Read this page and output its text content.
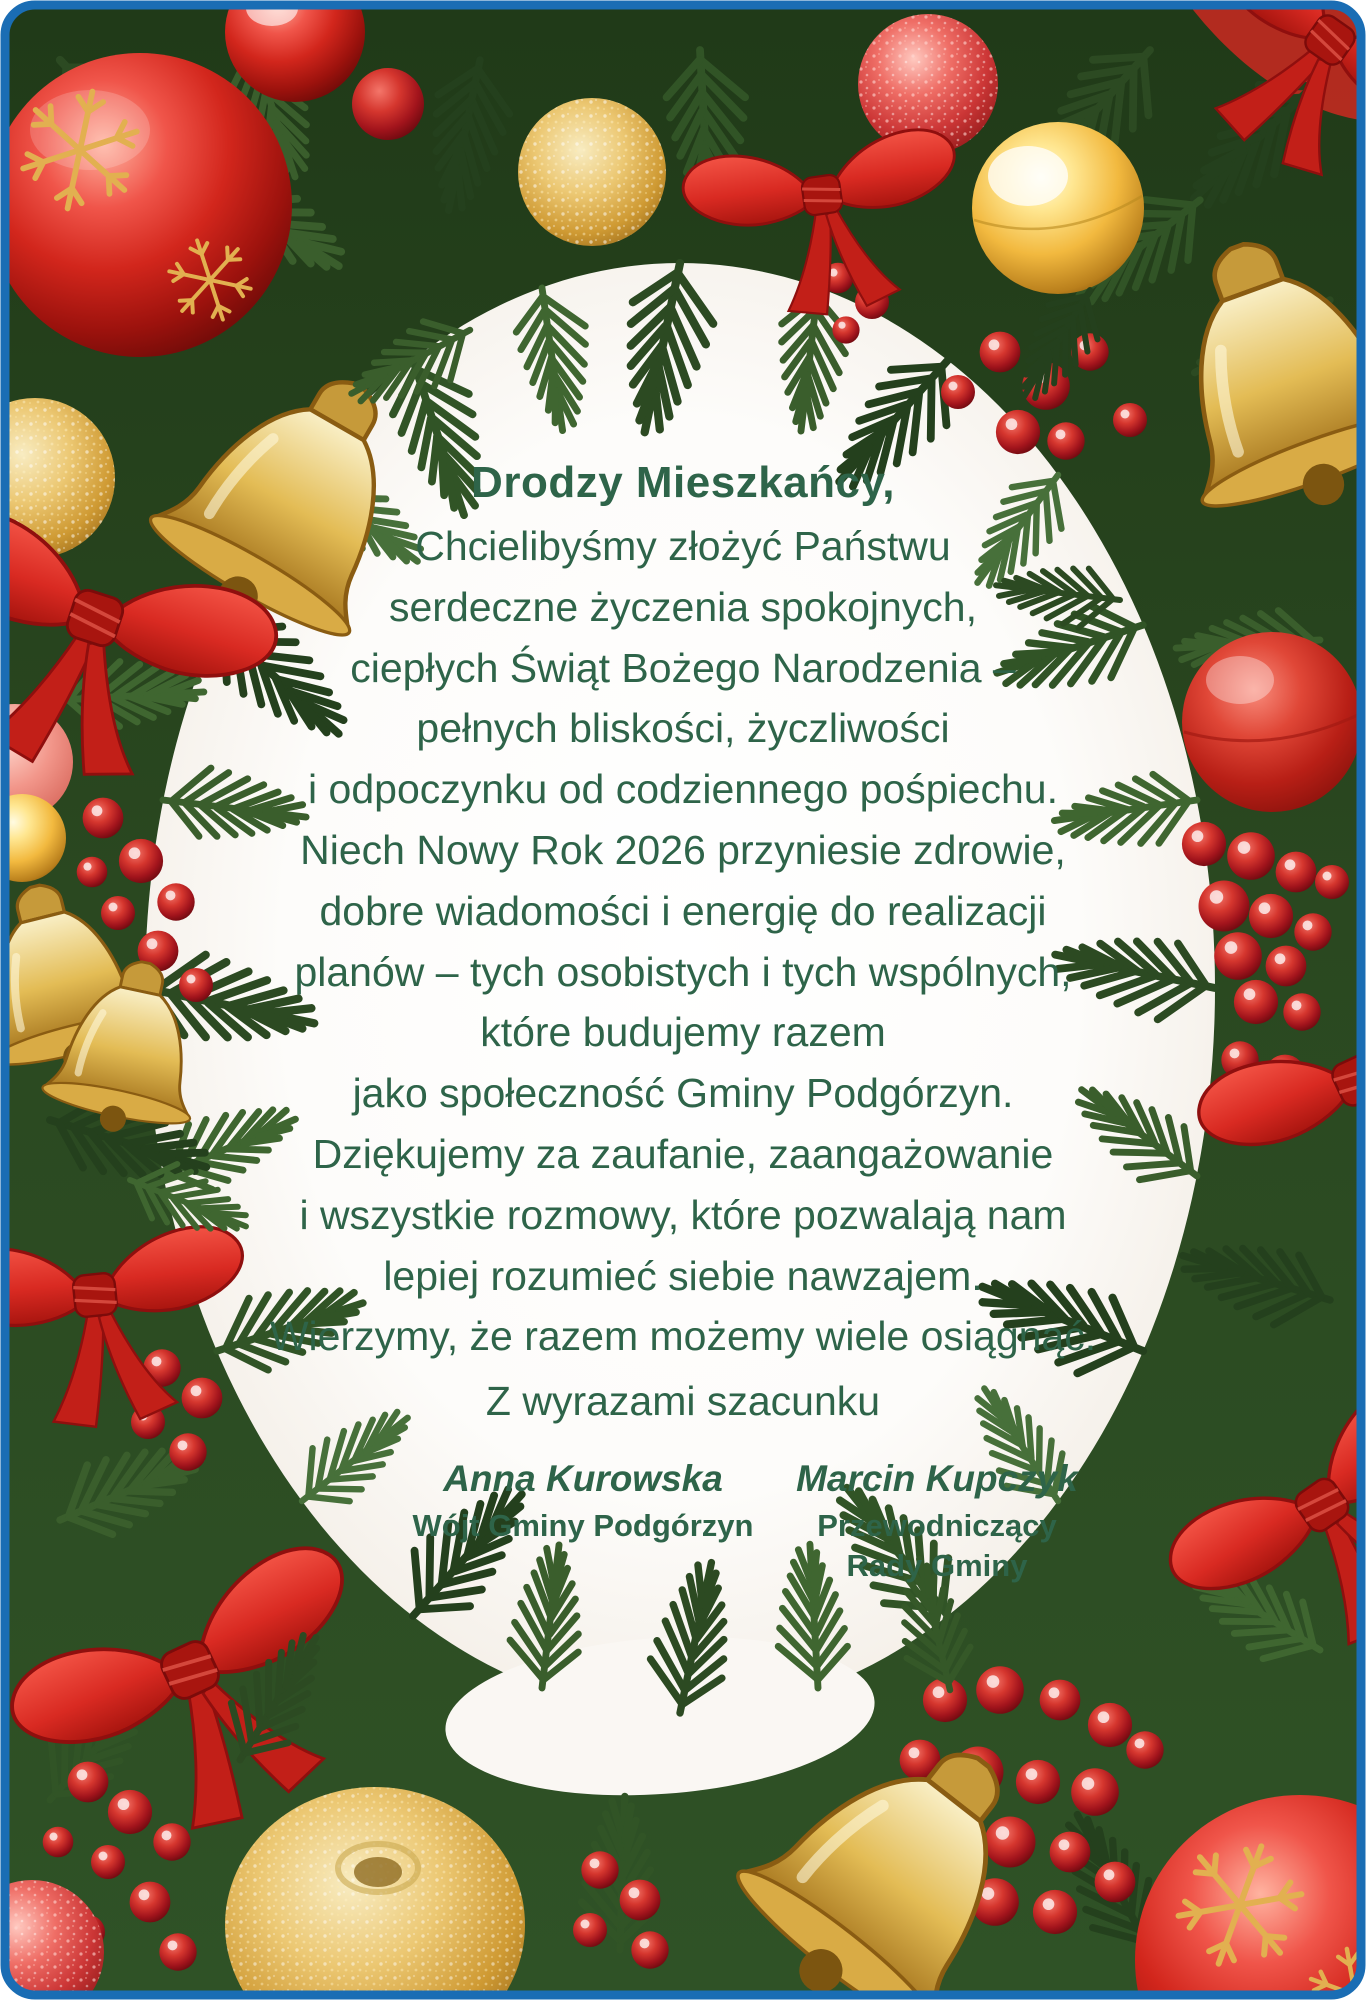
Drodzy Mieszkańcy,
Chcielibyśmy złożyć Państwu
serdeczne życzenia spokojnych,
ciepłych Świąt Bożego Narodzenia –
pełnych bliskości, życzliwości
i odpoczynku od codziennego pośpiechu.
Niech Nowy Rok 2026 przyniesie zdrowie,
dobre wiadomości i energię do realizacji
planów – tych osobistych i tych wspólnych,
które budujemy razem
jako społeczność Gminy Podgórzyn.
Dziękujemy za zaufanie, zaangażowanie
i wszystkie rozmowy, które pozwalają nam
lepiej rozumieć siebie nawzajem.
Wierzymy, że razem możemy wiele osiągnąć.
Z wyrazami szacunku
Anna Kurowska
Wójt Gminy Podgórzyn
Marcin Kupczyk
Przewodniczący
Rady Gminy
